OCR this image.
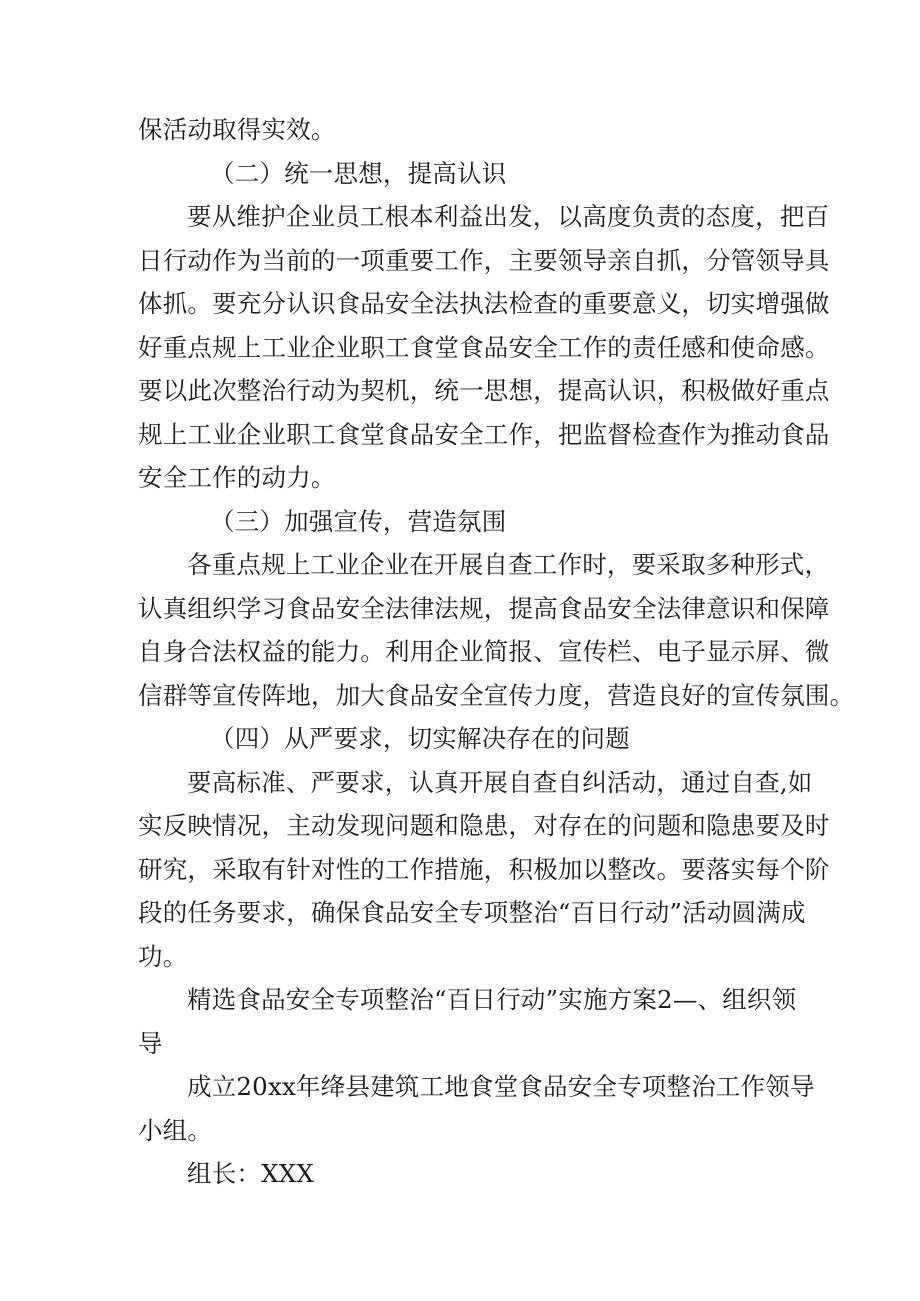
保活动取得实效。
（二）统一思想，提高认识
要从维护企业员工根本利益出发，以高度负责的态度，把百
日行动作为当前的一项重要工作，主要领导亲自抓，分管领导具
体抓。要充分认识食品安全法执法检查的重要意义，切实增强做
好重点规上工业企业职工食堂食品安全工作的责任感和使命感。
要以此次整治行动为契机，统一思想，提高认识，积极做好重点
规上工业企业职工食堂食品安全工作，把监督检查作为推动食品
安全工作的动力。
（三）加强宣传，营造氛围
各重点规上工业企业在开展自查工作时，要采取多种形式，
认真组织学习食品安全法律法规，提高食品安全法律意识和保障
自身合法权益的能力。利用企业简报、宣传栏、电子显示屏、微
信群等宣传阵地，加大食品安全宣传力度，营造良好的宣传氛围。
（四）从严要求，切实解决存在的问题
要高标准、严要求，认真开展自查自纠活动，通过自查,如
实反映情况，主动发现问题和隐患，对存在的问题和隐患要及时
研究，采取有针对性的工作措施，积极加以整改。要落实每个阶
段的任务要求，确保食品安全专项整治“百日行动”活动圆满成
功。
精选食品安全专项整治“百日行动”实施方案2—、组织领
导
成立20xx年绛县建筑工地食堂食品安全专项整治工作领导
小组。
组长：XXX
